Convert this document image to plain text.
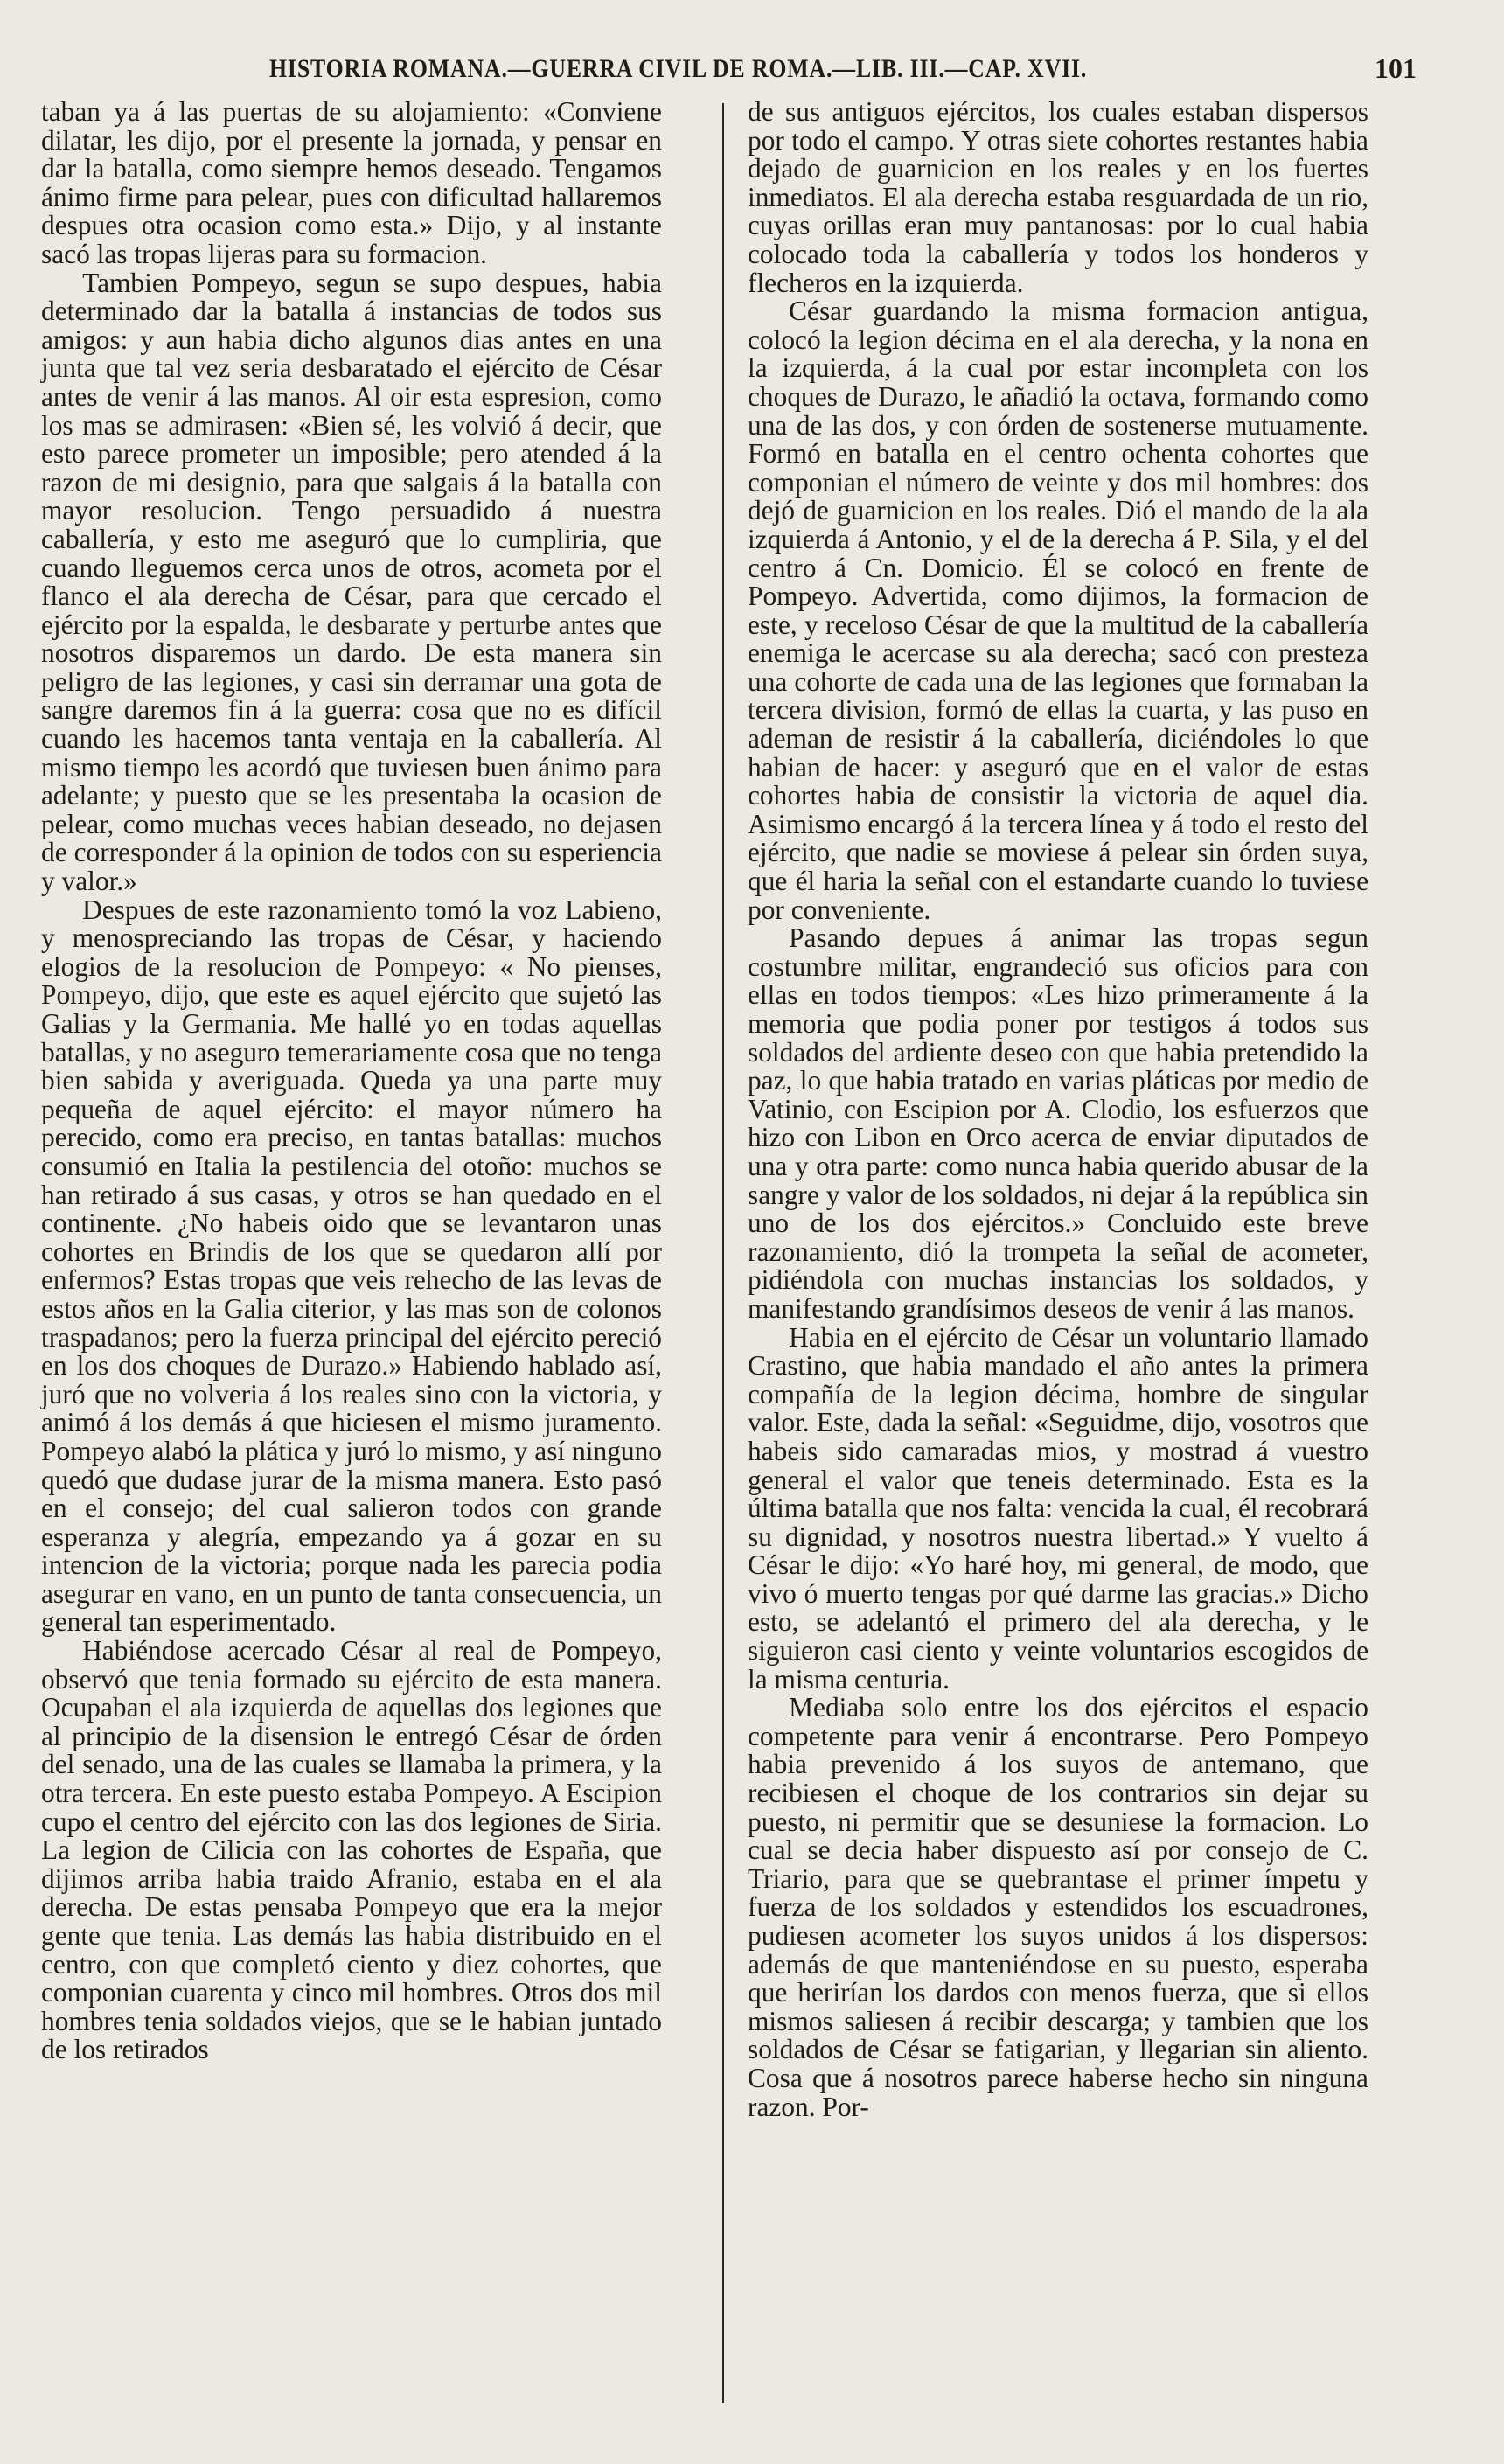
HISTORIA ROMANA.—GUERRA CIVIL DE ROMA.—LIB. III.—CAP. XVII.	101

taban ya á las puertas de su alojamiento: «Conviene dilatar, les dijo, por el presente la jornada, y pensar en dar la batalla, como siempre hemos deseado. Tengamos ánimo firme para pelear, pues con dificultad hallaremos despues otra ocasion como esta.» Dijo, y al instante sacó las tropas lijeras para su formacion.

Tambien Pompeyo, segun se supo despues, habia determinado dar la batalla á instancias de todos sus amigos: y aun habia dicho algunos dias antes en una junta que tal vez seria desbaratado el ejército de César antes de venir á las manos. Al oir esta espresion, como los mas se admirasen: «Bien sé, les volvió á decir, que esto parece prometer un imposible; pero atended á la razon de mi designio, para que salgais á la batalla con mayor resolucion. Tengo persuadido á nuestra caballería, y esto me aseguró que lo cumpliria, que cuando lleguemos cerca unos de otros, acometa por el flanco el ala derecha de César, para que cercado el ejército por la espalda, le desbarate y perturbe antes que nosotros disparemos un dardo. De esta manera sin peligro de las legiones, y casi sin derramar una gota de sangre daremos fin á la guerra: cosa que no es difícil cuando les hacemos tanta ventaja en la caballería. Al mismo tiempo les acordó que tuviesen buen ánimo para adelante; y puesto que se les presentaba la ocasion de pelear, como muchas veces habian deseado, no dejasen de corresponder á la opinion de todos con su esperiencia y valor.»

Despues de este razonamiento tomó la voz Labieno, y menospreciando las tropas de César, y haciendo elogios de la resolucion de Pompeyo: « No pienses, Pompeyo, dijo, que este es aquel ejército que sujetó las Galias y la Germania. Me hallé yo en todas aquellas batallas, y no aseguro temerariamente cosa que no tenga bien sabida y averiguada. Queda ya una parte muy pequeña de aquel ejército: el mayor número ha perecido, como era preciso, en tantas batallas: muchos consumió en Italia la pestilencia del otoño: muchos se han retirado á sus casas, y otros se han quedado en el continente. ¿No habeis oido que se levantaron unas cohortes en Brindis de los que se quedaron allí por enfermos? Estas tropas que veis rehecho de las levas de estos años en la Galia citerior, y las mas son de colonos traspadanos; pero la fuerza principal del ejército pereció en los dos choques de Durazo.» Habiendo hablado así, juró que no volveria á los reales sino con la victoria, y animó á los demás á que hiciesen el mismo juramento. Pompeyo alabó la plática y juró lo mismo, y así ninguno quedó que dudase jurar de la misma manera. Esto pasó en el consejo; del cual salieron todos con grande esperanza y alegría, empezando ya á gozar en su intencion de la victoria; porque nada les parecia podia asegurar en vano, en un punto de tanta consecuencia, un general tan esperimentado.

Habiéndose acercado César al real de Pompeyo, observó que tenia formado su ejército de esta manera. Ocupaban el ala izquierda de aquellas dos legiones que al principio de la disension le entregó César de órden del senado, una de las cuales se llamaba la primera, y la otra tercera. En este puesto estaba Pompeyo. A Escipion cupo el centro del ejército con las dos legiones de Siria. La legion de Cilicia con las cohortes de España, que dijimos arriba habia traido Afranio, estaba en el ala derecha. De estas pensaba Pompeyo que era la mejor gente que tenia. Las demás las habia distribuido en el centro, con que completó ciento y diez cohortes, que componian cuarenta y cinco mil hombres. Otros dos mil hombres tenia soldados viejos, que se le habian juntado de los retirados

de sus antiguos ejércitos, los cuales estaban dispersos por todo el campo. Y otras siete cohortes restantes habia dejado de guarnicion en los reales y en los fuertes inmediatos. El ala derecha estaba resguardada de un rio, cuyas orillas eran muy pantanosas: por lo cual habia colocado toda la caballería y todos los honderos y flecheros en la izquierda.

César guardando la misma formacion antigua, colocó la legion décima en el ala derecha, y la nona en la izquierda, á la cual por estar incompleta con los choques de Durazo, le añadió la octava, formando como una de las dos, y con órden de sostenerse mutuamente. Formó en batalla en el centro ochenta cohortes que componian el número de veinte y dos mil hombres: dos dejó de guarnicion en los reales. Dió el mando de la ala izquierda á Antonio, y el de la derecha á P. Sila, y el del centro á Cn. Domicio. Él se colocó en frente de Pompeyo. Advertida, como dijimos, la formacion de este, y receloso César de que la multitud de la caballería enemiga le acercase su ala derecha; sacó con presteza una cohorte de cada una de las legiones que formaban la tercera division, formó de ellas la cuarta, y las puso en ademan de resistir á la caballería, diciéndoles lo que habian de hacer: y aseguró que en el valor de estas cohortes habia de consistir la victoria de aquel dia. Asimismo encargó á la tercera línea y á todo el resto del ejército, que nadie se moviese á pelear sin órden suya, que él haria la señal con el estandarte cuando lo tuviese por conveniente.

Pasando depues á animar las tropas segun costumbre militar, engrandeció sus oficios para con ellas en todos tiempos: «Les hizo primeramente á la memoria que podia poner por testigos á todos sus soldados del ardiente deseo con que habia pretendido la paz, lo que habia tratado en varias pláticas por medio de Vatinio, con Escipion por A. Clodio, los esfuerzos que hizo con Libon en Orco acerca de enviar diputados de una y otra parte: como nunca habia querido abusar de la sangre y valor de los soldados, ni dejar á la república sin uno de los dos ejércitos.» Concluido este breve razonamiento, dió la trompeta la señal de acometer, pidiéndola con muchas instancias los soldados, y manifestando grandísimos deseos de venir á las manos.

Habia en el ejército de César un voluntario llamado Crastino, que habia mandado el año antes la primera compañía de la legion décima, hombre de singular valor. Este, dada la señal: «Seguidme, dijo, vosotros que habeis sido camaradas mios, y mostrad á vuestro general el valor que teneis determinado. Esta es la última batalla que nos falta: vencida la cual, él recobrará su dignidad, y nosotros nuestra libertad.» Y vuelto á César le dijo: «Yo haré hoy, mi general, de modo, que vivo ó muerto tengas por qué darme las gracias.» Dicho esto, se adelantó el primero del ala derecha, y le siguieron casi ciento y veinte voluntarios escogidos de la misma centuria.

Mediaba solo entre los dos ejércitos el espacio competente para venir á encontrarse. Pero Pompeyo habia prevenido á los suyos de antemano, que recibiesen el choque de los contrarios sin dejar su puesto, ni permitir que se desuniese la formacion. Lo cual se decia haber dispuesto así por consejo de C. Triario, para que se quebrantase el primer ímpetu y fuerza de los soldados y estendidos los escuadrones, pudiesen acometer los suyos unidos á los dispersos: además de que manteniéndose en su puesto, esperaba que herirían los dardos con menos fuerza, que si ellos mismos saliesen á recibir descarga; y tambien que los soldados de César se fatigarian, y llegarian sin aliento. Cosa que á nosotros parece haberse hecho sin ninguna razon. Por-
